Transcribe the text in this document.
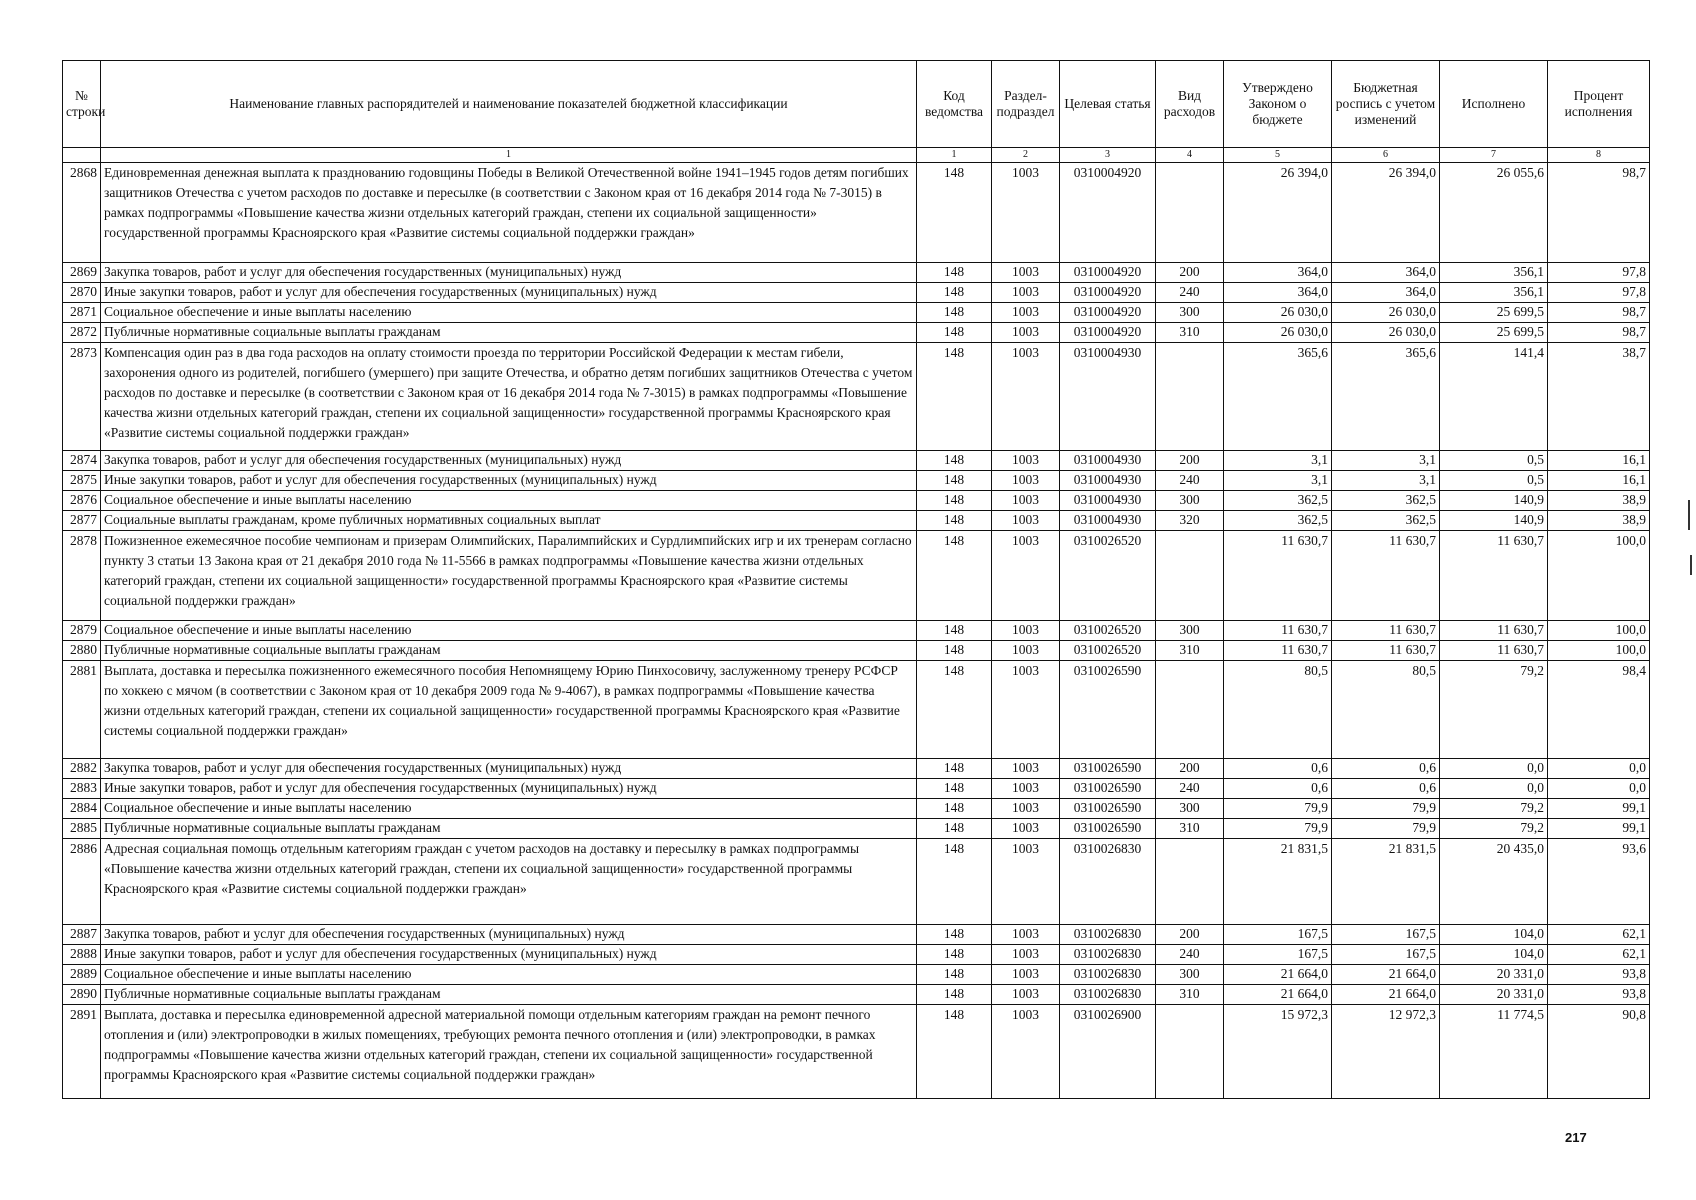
№ строки	Наименование главных распорядителей и наименование показателей бюджетной классификации	Код ведомства	Раздел-подраздел	Целевая статья	Вид расходов	Утверждено Законом о бюджете	Бюджетная роспись с учетом изменений	Исполнено	Процент исполнения
	1	1	2	3	4	5	6	7	8
2868	Единовременная денежная выплата к празднованию годовщины Победы в Великой Отечественной войне 1941–1945 годов детям погибших защитников Отечества с учетом расходов по доставке и пересылке (в соответствии с Законом края от 16 декабря 2014 года № 7-3015) в рамках подпрограммы «Повышение качества жизни отдельных категорий граждан, степени их социальной защищенности» государственной программы Красноярского края «Развитие системы социальной поддержки граждан»	148	1003	0310004920		26 394,0	26 394,0	26 055,6	98,7
2869	Закупка товаров, работ и услуг для обеспечения государственных (муниципальных) нужд	148	1003	0310004920	200	364,0	364,0	356,1	97,8
2870	Иные закупки товаров, работ и услуг для обеспечения государственных (муниципальных) нужд	148	1003	0310004920	240	364,0	364,0	356,1	97,8
2871	Социальное обеспечение и иные выплаты населению	148	1003	0310004920	300	26 030,0	26 030,0	25 699,5	98,7
2872	Публичные нормативные социальные выплаты гражданам	148	1003	0310004920	310	26 030,0	26 030,0	25 699,5	98,7
2873	Компенсация один раз в два года расходов на оплату стоимости проезда по территории Российской Федерации к местам гибели, захоронения одного из родителей, погибшего (умершего) при защите Отечества, и обратно детям погибших защитников Отечества с учетом расходов по доставке и пересылке (в соответствии с Законом края от 16 декабря 2014 года № 7-3015) в рамках подпрограммы «Повышение качества жизни отдельных категорий граждан, степени их социальной защищенности» государственной программы Красноярского края «Развитие системы социальной поддержки граждан»	148	1003	0310004930		365,6	365,6	141,4	38,7
2874	Закупка товаров, работ и услуг для обеспечения государственных (муниципальных) нужд	148	1003	0310004930	200	3,1	3,1	0,5	16,1
2875	Иные закупки товаров, работ и услуг для обеспечения государственных (муниципальных) нужд	148	1003	0310004930	240	3,1	3,1	0,5	16,1
2876	Социальное обеспечение и иные выплаты населению	148	1003	0310004930	300	362,5	362,5	140,9	38,9
2877	Социальные выплаты гражданам, кроме публичных нормативных социальных выплат	148	1003	0310004930	320	362,5	362,5	140,9	38,9
2878	Пожизненное ежемесячное пособие чемпионам и призерам Олимпийских, Паралимпийских и Сурдлимпийских игр и их тренерам согласно пункту 3 статьи 13 Закона края от 21 декабря 2010 года № 11-5566 в рамках подпрограммы «Повышение качества жизни отдельных категорий граждан, степени их социальной защищенности» государственной программы Красноярского края «Развитие системы социальной поддержки граждан»	148	1003	0310026520		11 630,7	11 630,7	11 630,7	100,0
2879	Социальное обеспечение и иные выплаты населению	148	1003	0310026520	300	11 630,7	11 630,7	11 630,7	100,0
2880	Публичные нормативные социальные выплаты гражданам	148	1003	0310026520	310	11 630,7	11 630,7	11 630,7	100,0
2881	Выплата, доставка и пересылка пожизненного ежемесячного пособия Непомнящему Юрию Пинхосовичу, заслуженному тренеру РСФСР по хоккею с мячом (в соответствии с Законом края от 10 декабря 2009 года № 9-4067), в рамках подпрограммы «Повышение качества жизни отдельных категорий граждан, степени их социальной защищенности» государственной программы Красноярского края «Развитие системы социальной поддержки граждан»	148	1003	0310026590		80,5	80,5	79,2	98,4
2882	Закупка товаров, работ и услуг для обеспечения государственных (муниципальных) нужд	148	1003	0310026590	200	0,6	0,6	0,0	0,0
2883	Иные закупки товаров, работ и услуг для обеспечения государственных (муниципальных) нужд	148	1003	0310026590	240	0,6	0,6	0,0	0,0
2884	Социальное обеспечение и иные выплаты населению	148	1003	0310026590	300	79,9	79,9	79,2	99,1
2885	Публичные нормативные социальные выплаты гражданам	148	1003	0310026590	310	79,9	79,9	79,2	99,1
2886	Адресная социальная помощь отдельным категориям граждан с учетом расходов на доставку и пересылку в рамках подпрограммы «Повышение качества жизни отдельных категорий граждан, степени их социальной защищенности» государственной программы Красноярского края «Развитие системы социальной поддержки граждан»	148	1003	0310026830		21 831,5	21 831,5	20 435,0	93,6
2887	Закупка товаров, рабют и услуг для обеспечения государственных (муниципальных) нужд	148	1003	0310026830	200	167,5	167,5	104,0	62,1
2888	Иные закупки товаров, работ и услуг для обеспечения государственных (муниципальных) нужд	148	1003	0310026830	240	167,5	167,5	104,0	62,1
2889	Социальное обеспечение и иные выплаты населению	148	1003	0310026830	300	21 664,0	21 664,0	20 331,0	93,8
2890	Публичные нормативные социальные выплаты гражданам	148	1003	0310026830	310	21 664,0	21 664,0	20 331,0	93,8
2891	Выплата, доставка и пересылка единовременной адресной материальной помощи отдельным категориям граждан на ремонт печного отопления и (или) электропроводки в жилых помещениях, требующих ремонта печного отопления и (или) электропроводки, в рамках подпрограммы «Повышение качества жизни отдельных категорий граждан, степени их социальной защищенности» государственной программы Красноярского края «Развитие системы социальной поддержки граждан»	148	1003	0310026900		15 972,3	12 972,3	11 774,5	90,8
217
